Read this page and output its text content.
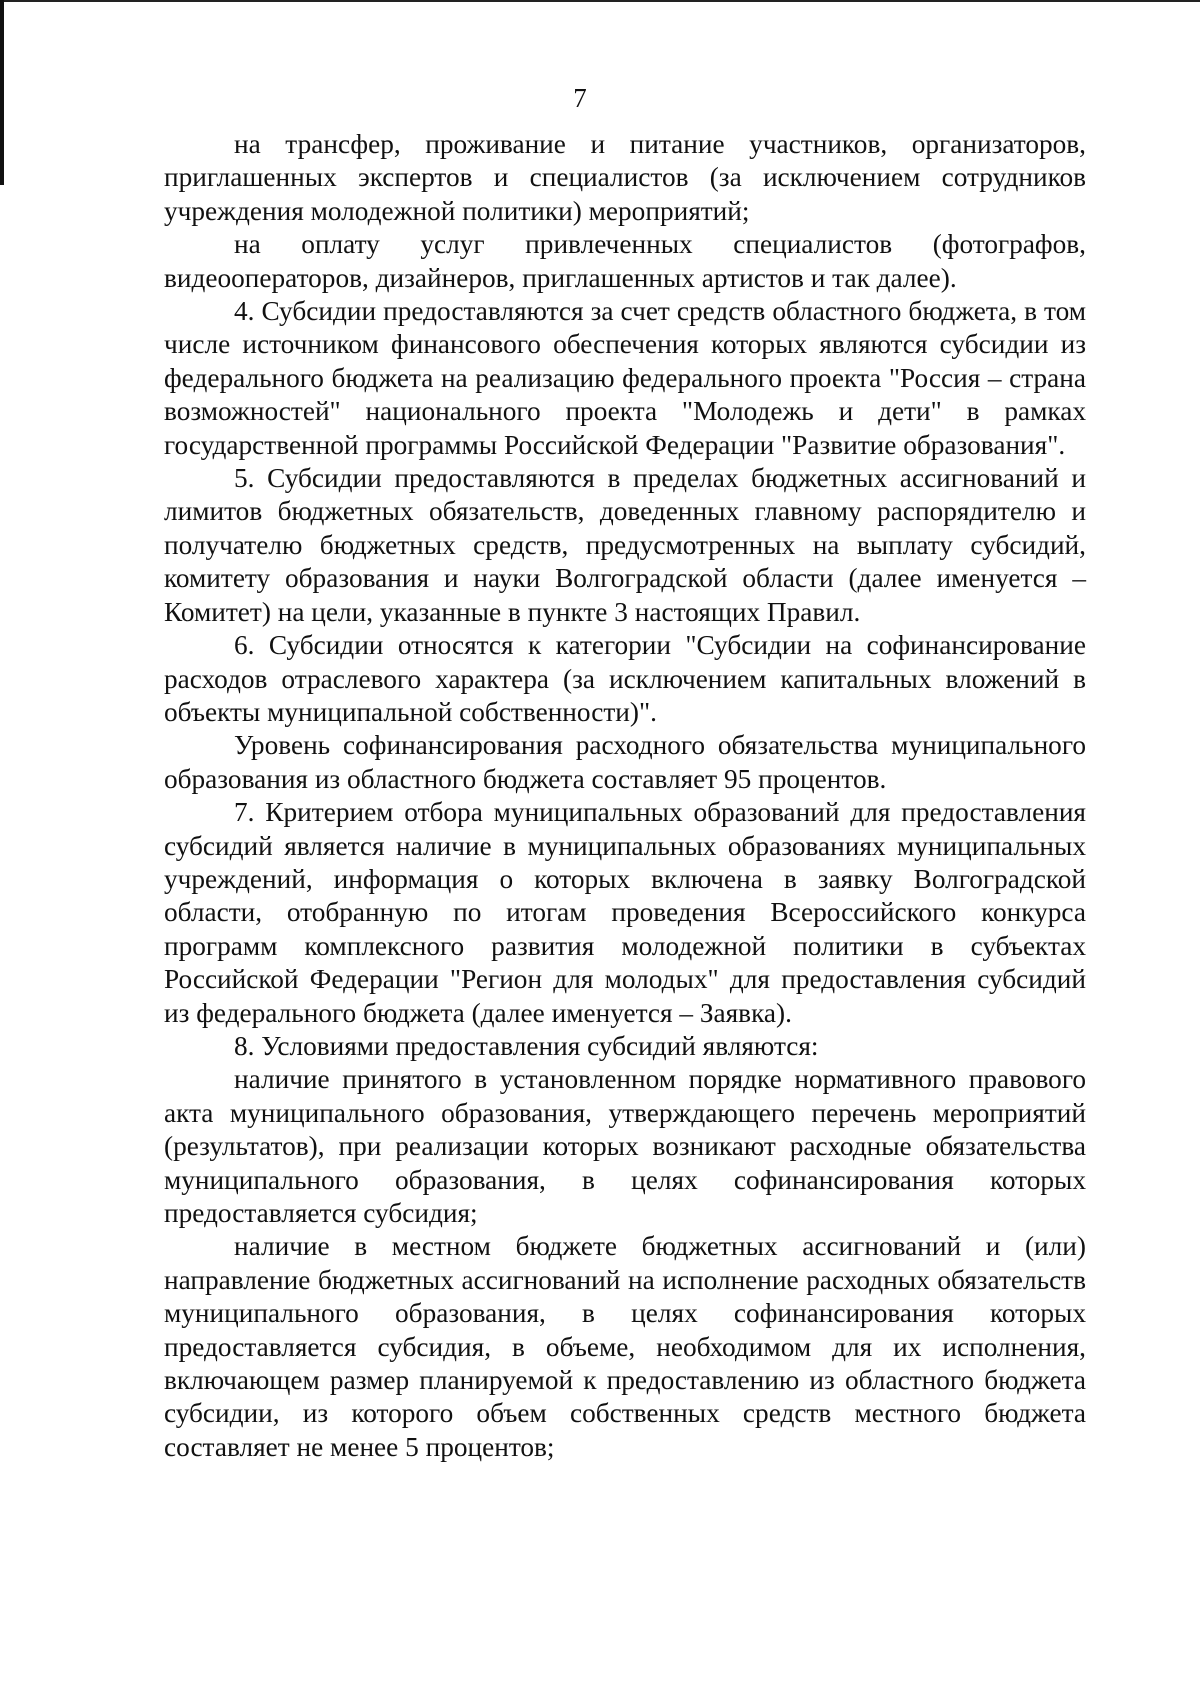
7

на трансфер, проживание и питание участников, организаторов, приглашенных экспертов и специалистов (за исключением сотрудников учреждения молодежной политики) мероприятий;

на оплату услуг привлеченных специалистов (фотографов, видеооператоров, дизайнеров, приглашенных артистов и так далее).

4. Субсидии предоставляются за счет средств областного бюджета, в том числе источником финансового обеспечения которых являются субсидии из федерального бюджета на реализацию федерального проекта "Россия – страна возможностей" национального проекта "Молодежь и дети" в рамках государственной программы Российской Федерации "Развитие образования".

5. Субсидии предоставляются в пределах бюджетных ассигнований и лимитов бюджетных обязательств, доведенных главному распорядителю и получателю бюджетных средств, предусмотренных на выплату субсидий, комитету образования и науки Волгоградской области (далее именуется – Комитет) на цели, указанные в пункте 3 настоящих Правил.

6. Субсидии относятся к категории "Субсидии на софинансирование расходов отраслевого характера (за исключением капитальных вложений в объекты муниципальной собственности)".

Уровень софинансирования расходного обязательства муниципального образования из областного бюджета составляет 95 процентов.

7. Критерием отбора муниципальных образований для предоставления субсидий является наличие в муниципальных образованиях муниципальных учреждений, информация о которых включена в заявку Волгоградской области, отобранную по итогам проведения Всероссийского конкурса программ комплексного развития молодежной политики в субъектах Российской Федерации "Регион для молодых" для предоставления субсидий из федерального бюджета (далее именуется – Заявка).

8. Условиями предоставления субсидий являются:

наличие принятого в установленном порядке нормативного правового акта муниципального образования, утверждающего перечень мероприятий (результатов), при реализации которых возникают расходные обязательства муниципального образования, в целях софинансирования которых предоставляется субсидия;

наличие в местном бюджете бюджетных ассигнований и (или) направление бюджетных ассигнований на исполнение расходных обязательств муниципального образования, в целях софинансирования которых предоставляется субсидия, в объеме, необходимом для их исполнения, включающем размер планируемой к предоставлению из областного бюджета субсидии, из которого объем собственных средств местного бюджета составляет не менее 5 процентов;
